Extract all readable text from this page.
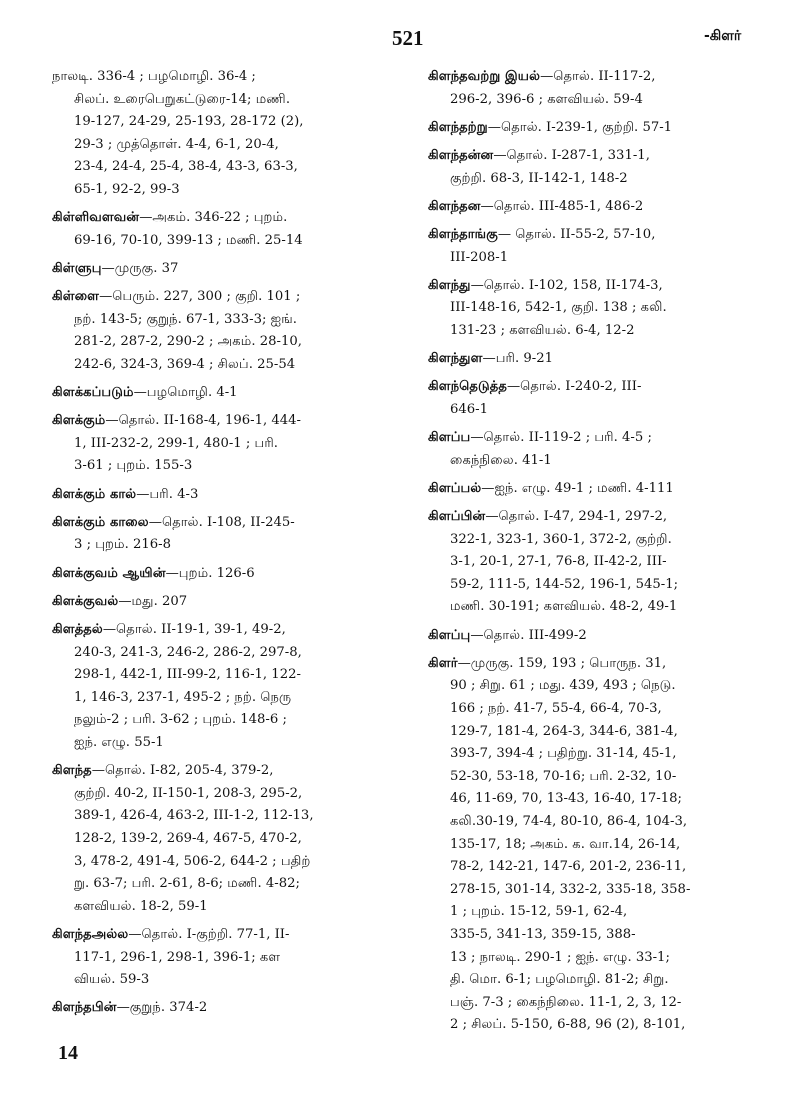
521	-கிளர்
நாலடி. 336-4 ; பழமொழி. 36-4 ;
சிலப். உரைபெறுகட்டுரை-14; மணி.
19-127, 24-29, 25-193, 28-172 (2),
29-3 ; முத்தொள். 4-4, 6-1, 20-4,
23-4, 24-4, 25-4, 38-4, 43-3, 63-3,
65-1, 92-2, 99-3
கிள்ளிவளவன்—அகம். 346-22 ; புறம்.
69-16, 70-10, 399-13 ; மணி. 25-14
கிள்ளுபு—முருகு. 37
கிள்ளை—பெரும். 227, 300 ; குறி. 101 ;
நற். 143-5; குறுந். 67-1, 333-3; ஐங்.
281-2, 287-2, 290-2 ; அகம். 28-10,
242-6, 324-3, 369-4 ; சிலப். 25-54
கிளக்கப்படும்—பழமொழி. 4-1
கிளக்கும்—தொல். II-168-4, 196-1, 444-
1, III-232-2, 299-1, 480-1 ; பரி.
3-61 ; புறம். 155-3
கிளக்கும் கால்—பரி. 4-3
கிளக்கும் காலை—தொல். I-108, II-245-
3 ; புறம். 216-8
கிளக்குவம் ஆயின்—புறம். 126-6
கிளக்குவல்—மது. 207
கிளத்தல்—தொல். II-19-1, 39-1, 49-2,
240-3, 241-3, 246-2, 286-2, 297-8,
298-1, 442-1, III-99-2, 116-1, 122-
1, 146-3, 237-1, 495-2 ; நற். நெரு
நலும்-2 ; பரி. 3-62 ; புறம். 148-6 ;
ஐந். எழு. 55-1
கிளந்த—தொல். I-82, 205-4, 379-2,
குற்றி. 40-2, II-150-1, 208-3, 295-2,
389-1, 426-4, 463-2, III-1-2, 112-13,
128-2, 139-2, 269-4, 467-5, 470-2,
3, 478-2, 491-4, 506-2, 644-2 ; பதிற்
று. 63-7; பரி. 2-61, 8-6; மணி. 4-82;
களவியல். 18-2, 59-1
கிளந்தஅல்ல—தொல். I-குற்றி. 77-1, II-
117-1, 296-1, 298-1, 396-1; கள
வியல். 59-3
கிளந்தபின்—குறுந். 374-2
கிளந்தவற்று இயல்—தொல். II-117-2,
296-2, 396-6 ; களவியல். 59-4
கிளந்தற்று—தொல். I-239-1, குற்றி. 57-1
கிளந்தன்ன—தொல். I-287-1, 331-1,
குற்றி. 68-3, II-142-1, 148-2
கிளந்தன—தொல். III-485-1, 486-2
கிளந்தாங்கு— தொல். II-55-2, 57-10,
III-208-1
கிளந்து—தொல். I-102, 158, II-174-3,
III-148-16, 542-1, குறி. 138 ; கலி.
131-23 ; களவியல். 6-4, 12-2
கிளந்துள—பரி. 9-21
கிளந்தெடுத்த—தொல். I-240-2, III-
646-1
கிளப்ப—தொல். II-119-2 ; பரி. 4-5 ;
கைந்நிலை. 41-1
கிளப்பல்—ஐந். எழு. 49-1 ; மணி. 4-111
கிளப்பின்—தொல். I-47, 294-1, 297-2,
322-1, 323-1, 360-1, 372-2, குற்றி.
3-1, 20-1, 27-1, 76-8, II-42-2, III-
59-2, 111-5, 144-52, 196-1, 545-1;
மணி. 30-191; களவியல். 48-2, 49-1
கிளப்பு—தொல். III-499-2
கிளர்—முருகு. 159, 193 ; பொருந. 31,
90 ; சிறு. 61 ; மது. 439, 493 ; நெடு.
166 ; நற். 41-7, 55-4, 66-4, 70-3,
129-7, 181-4, 264-3, 344-6, 381-4,
393-7, 394-4 ; பதிற்று. 31-14, 45-1,
52-30, 53-18, 70-16; பரி. 2-32, 10-
46, 11-69, 70, 13-43, 16-40, 17-18;
கலி.30-19, 74-4, 80-10, 86-4, 104-3,
135-17, 18; அகம். க. வா.14, 26-14,
78-2, 142-21, 147-6, 201-2, 236-11,
278-15, 301-14, 332-2, 335-18, 358-
1 ; புறம். 15-12, 59-1, 62-4,
335-5, 341-13, 359-15, 388-
13 ; நாலடி. 290-1 ; ஐந். எழு. 33-1;
தி. மொ. 6-1; பழமொழி. 81-2; சிறு.
பஞ். 7-3 ; கைந்நிலை. 11-1, 2, 3, 12-
2 ; சிலப். 5-150, 6-88, 96 (2), 8-101,
14
